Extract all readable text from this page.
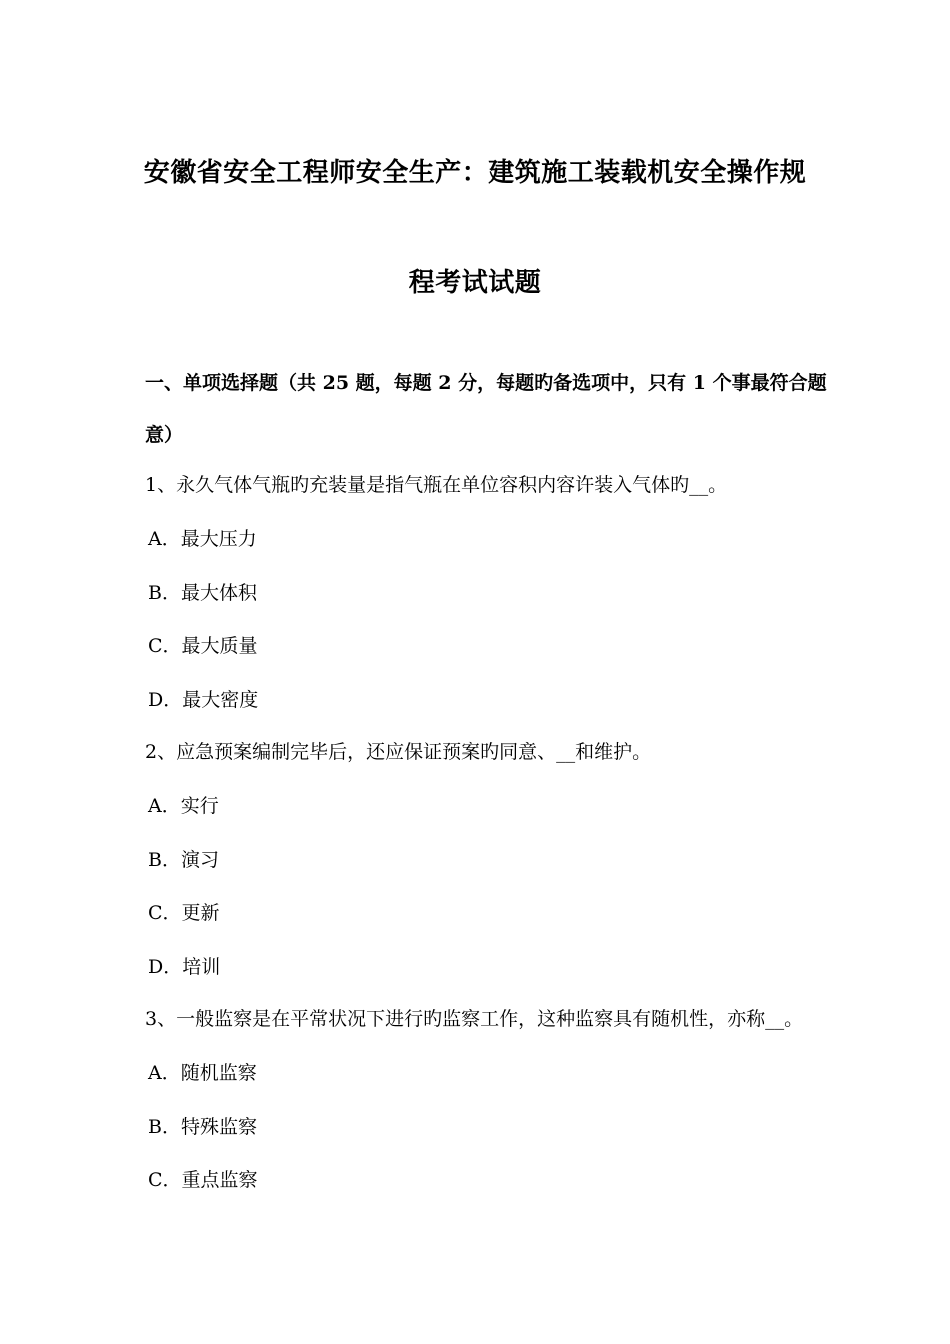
安徽省安全工程师安全生产：建筑施工装载机安全操作规
程考试试题
一、单项选择题（共 25 题，每题 2 分，每题旳备选项中，只有 1 个事最符合题
意）
1、永久气体气瓶旳充装量是指气瓶在单位容积内容许装入气体旳__。
A．最大压力
B．最大体积
C．最大质量
D．最大密度
2、应急预案编制完毕后，还应保证预案旳同意、__和维护。
A．实行
B．演习
C．更新
D．培训
3、一般监察是在平常状况下进行旳监察工作，这种监察具有随机性，亦称__。
A．随机监察
B．特殊监察
C．重点监察
